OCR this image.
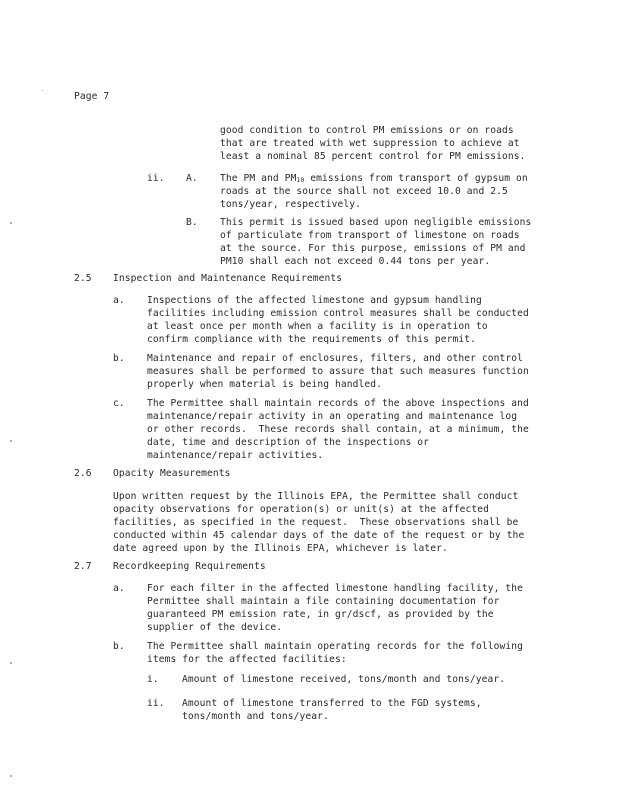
Page 7
good condition to control PM emissions or on roads
that are treated with wet suppression to achieve at
least a nominal 85 percent control for PM emissions.
ii. A. The PM and $PM_{10}$ emissions from transport of gypsum on
roads at the source shall not exceed 10.0 and 2.5
tons/year, respectively.
B. This permit is issued based upon negligible emissions
of particulate from transport of limestone on roads
at the source. For this purpose, emissions of PM and
PM10 shall each not exceed 0.44 tons per year.
2.5 Inspection and Maintenance Requirements
a. Inspections of the affected limestone and gypsum handling
facilities including emission control measures shall be conducted
at least once per month when a facility is in operation to
confirm compliance with the requirements of this permit.
b. Maintenance and repair of enclosures, filters, and other control
measures shall be performed to assure that such measures function
properly when material is being handled.
c. The Permittee shall maintain records of the above inspections and
maintenance/repair activity in an operating and maintenance log
or other records.  These records shall contain, at a minimum, the
date, time and description of the inspections or
maintenance/repair activities.
2.6 Opacity Measurements
Upon written request by the Illinois EPA, the Permittee shall conduct
opacity observations for operation(s) or unit(s) at the affected
facilities, as specified in the request.  These observations shall be
conducted within 45 calendar days of the date of the request or by the
date agreed upon by the Illinois EPA, whichever is later.
2.7 Recordkeeping Requirements
a. For each filter in the affected limestone handling facility, the
Permittee shall maintain a file containing documentation for
guaranteed PM emission rate, in gr/dscf, as provided by the
supplier of the device.
b. The Permittee shall maintain operating records for the following
items for the affected facilities:
i. Amount of limestone received, tons/month and tons/year.
ii. Amount of limestone transferred to the FGD systems,
tons/month and tons/year.
